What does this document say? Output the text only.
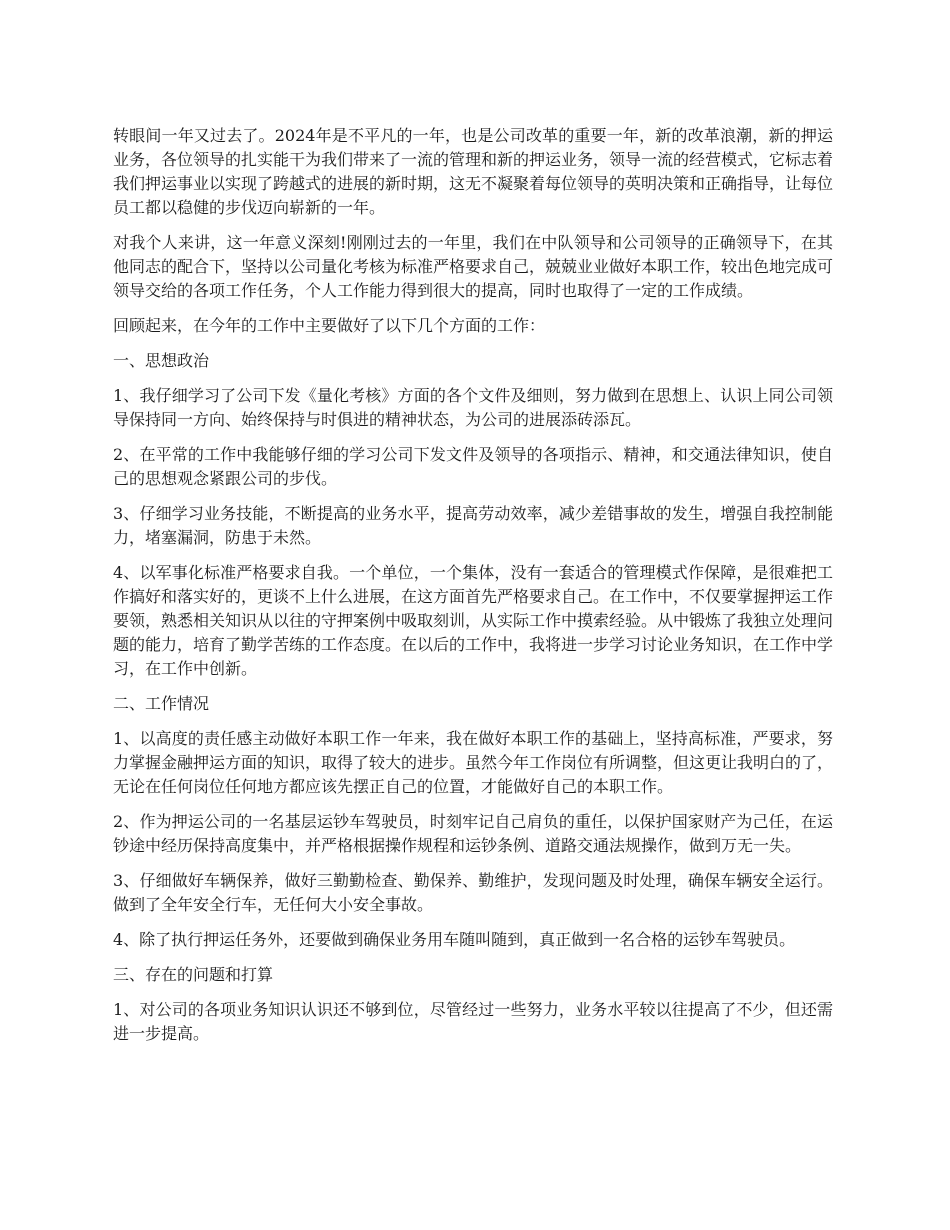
转眼间一年又过去了。2024年是不平凡的一年，也是公司改革的重要一年，新的改革浪潮，新的押运业务，各位领导的扎实能干为我们带来了一流的管理和新的押运业务，领导一流的经营模式，它标志着我们押运事业以实现了跨越式的进展的新时期，这无不凝聚着每位领导的英明决策和正确指导，让每位员工都以稳健的步伐迈向崭新的一年。

对我个人来讲，这一年意义深刻!刚刚过去的一年里，我们在中队领导和公司领导的正确领导下，在其他同志的配合下，坚持以公司量化考核为标准严格要求自己，兢兢业业做好本职工作，较出色地完成可领导交给的各项工作任务，个人工作能力得到很大的提高，同时也取得了一定的工作成绩。

回顾起来，在今年的工作中主要做好了以下几个方面的工作：

一、思想政治

1、我仔细学习了公司下发《量化考核》方面的各个文件及细则，努力做到在思想上、认识上同公司领导保持同一方向、始终保持与时俱进的精神状态，为公司的进展添砖添瓦。

2、在平常的工作中我能够仔细的学习公司下发文件及领导的各项指示、精神，和交通法律知识，使自己的思想观念紧跟公司的步伐。

3、仔细学习业务技能，不断提高的业务水平，提高劳动效率，减少差错事故的发生，增强自我控制能力，堵塞漏洞，防患于未然。

4、以军事化标准严格要求自我。一个单位，一个集体，没有一套适合的管理模式作保障，是很难把工作搞好和落实好的，更谈不上什么进展，在这方面首先严格要求自己。在工作中，不仅要掌握押运工作要领，熟悉相关知识从以往的守押案例中吸取刻训，从实际工作中摸索经验。从中锻炼了我独立处理问题的能力，培育了勤学苦练的工作态度。在以后的工作中，我将进一步学习讨论业务知识，在工作中学习，在工作中创新。

二、工作情况

1、以高度的责任感主动做好本职工作一年来，我在做好本职工作的基础上，坚持高标准，严要求，努力掌握金融押运方面的知识，取得了较大的进步。虽然今年工作岗位有所调整，但这更让我明白的了，无论在任何岗位任何地方都应该先摆正自己的位置，才能做好自己的本职工作。

2、作为押运公司的一名基层运钞车驾驶员，时刻牢记自己肩负的重任，以保护国家财产为己任，在运钞途中经历保持高度集中，并严格根据操作规程和运钞条例、道路交通法规操作，做到万无一失。

3、仔细做好车辆保养，做好三勤勤检查、勤保养、勤维护，发现问题及时处理，确保车辆安全运行。做到了全年安全行车，无任何大小安全事故。

4、除了执行押运任务外，还要做到确保业务用车随叫随到，真正做到一名合格的运钞车驾驶员。

三、存在的问题和打算

1、对公司的各项业务知识认识还不够到位，尽管经过一些努力，业务水平较以往提高了不少，但还需进一步提高。
